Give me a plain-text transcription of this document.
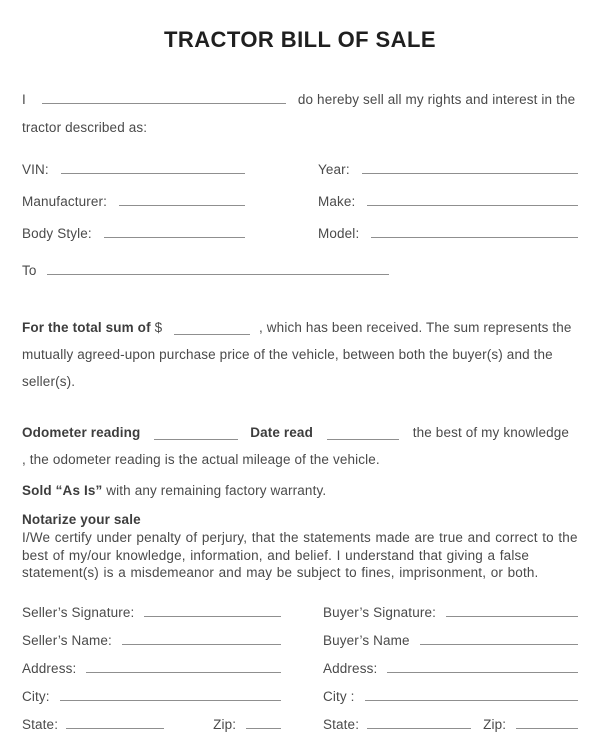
TRACTOR BILL OF SALE
I	do hereby sell all my rights and interest in the
tractor described as:
VIN:	Year:
Manufacturer:	Make:
Body Style:	Model:
To

For the total sum of $	, which has been received. The sum represents the mutually agreed-upon purchase price of the vehicle, between both the buyer(s) and the seller(s).

Odometer reading	Date read	the best of my knowledge
, the odometer reading is the actual mileage of the vehicle.
Sold “As Is” with any remaining factory warranty.
Notarize your sale

I/We certify under penalty of perjury, that the statements made are true and correct to the best of my/our knowledge, information, and belief. I understand that giving a false statement(s) is a misdemeanor and may be subject to fines, imprisonment, or both.

Seller’s Signature:	Buyer’s Signature:
Seller’s Name:	Buyer’s Name
Address:	Address:
City:	City :
State:	Zip:	State:	Zip:
